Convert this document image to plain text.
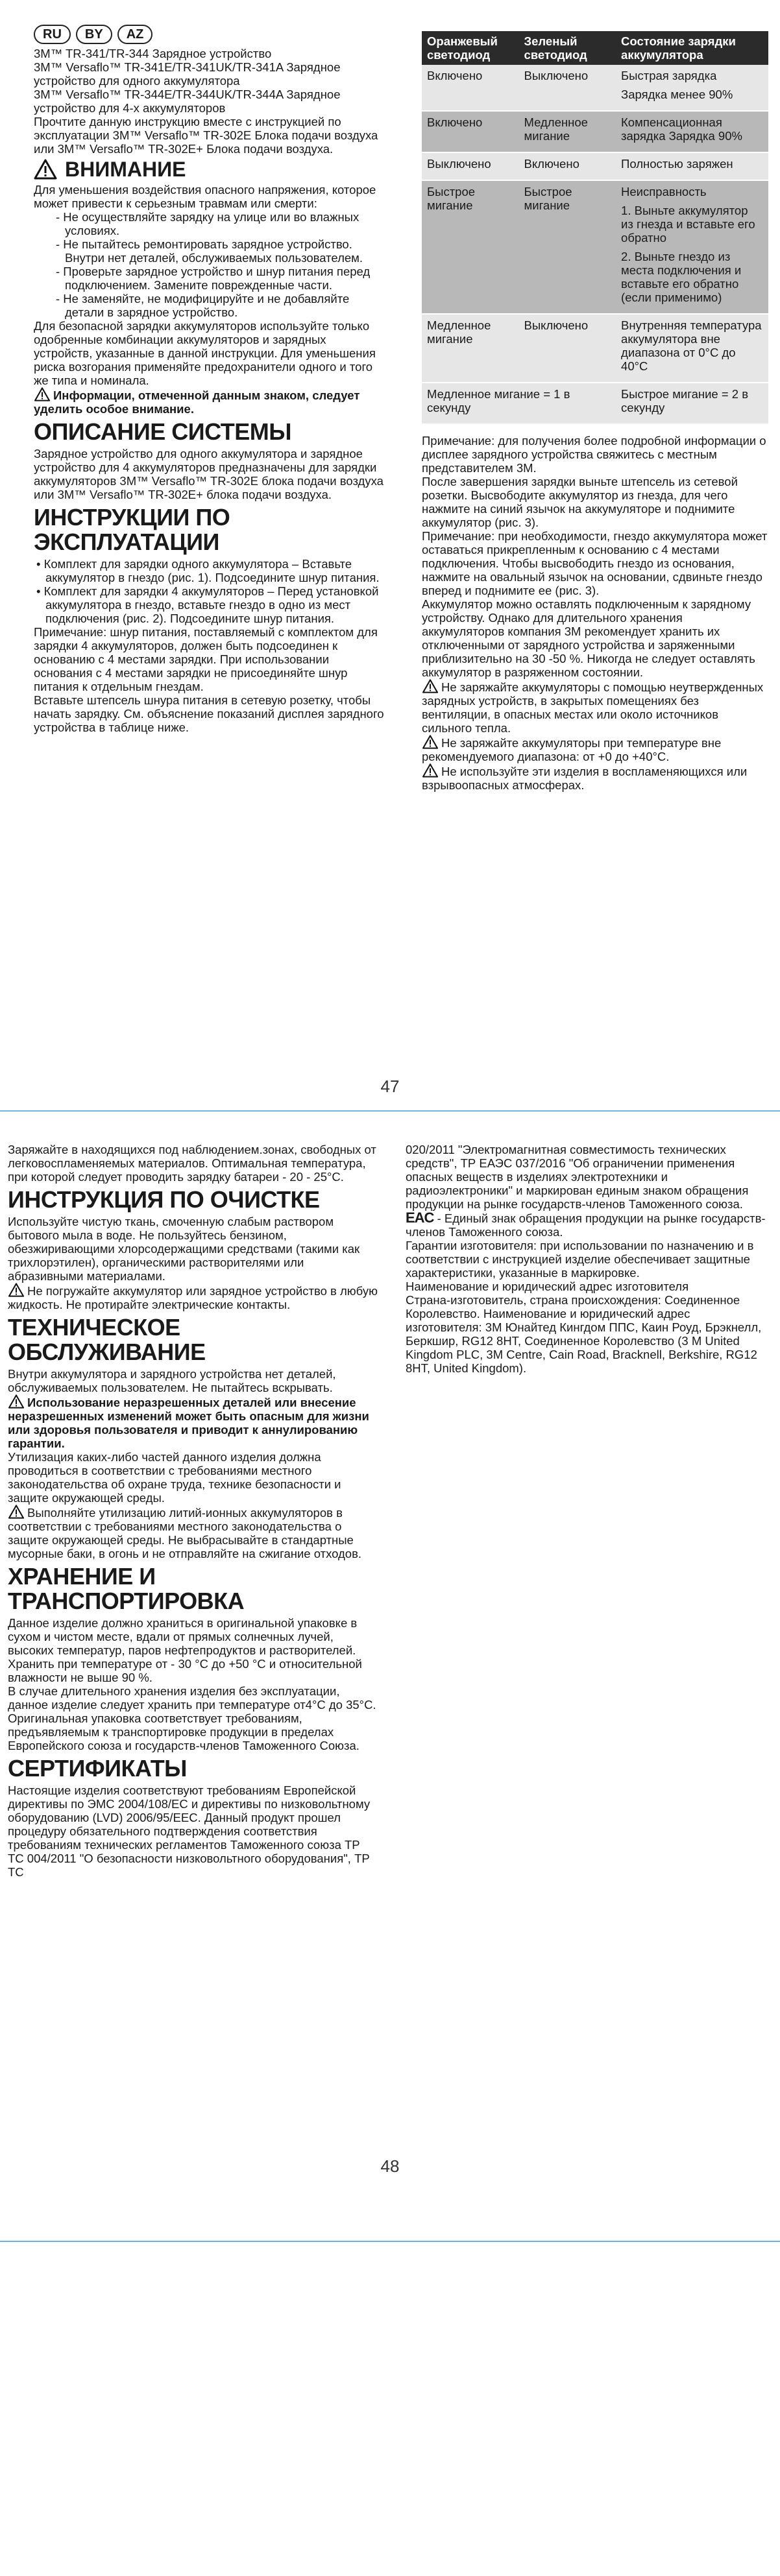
RU	BY	AZ

3M™ TR-341/TR-344 Зарядное устройство

3M™ Versaflo™ TR-341E/TR-341UK/TR-341A Зарядное устройство для одного аккумулятора

3M™ Versaflo™ TR-344E/TR-344UK/TR-344A Зарядное устройство для 4-х аккумуляторов

Прочтите данную инструкцию вместе с инструкцией по эксплуатации 3M™ Versaflo™ TR-302E Блока подачи воздуха или 3M™ Versaflo™ TR-302E+ Блока подачи воздуха.

ВНИМАНИЕ

Для уменьшения воздействия опасного напряжения, которое может привести к серьезным травмам или смерти:

- Не осуществляйте зарядку на улице или во влажных условиях.

- Не пытайтесь ремонтировать зарядное устройство. Внутри нет деталей, обслуживаемых пользователем.

- Проверьте зарядное устройство и шнур питания перед подключением. Замените поврежденные части.

- Не заменяйте, не модифицируйте и не добавляйте детали в зарядное устройство.

Для безопасной зарядки аккумуляторов используйте только одобренные комбинации аккумуляторов и зарядных устройств, указанные в данной инструкции. Для уменьшения риска возгорания применяйте предохранители одного и того же типа и номинала.

Информации, отмеченной данным знаком, следует уделить особое внимание.

ОПИСАНИЕ СИСТЕМЫ

Зарядное устройство для одного аккумулятора и зарядное устройство для 4 аккумуляторов предназначены для зарядки аккумуляторов 3M™ Versaflo™ TR-302E блока подачи воздуха или 3M™ Versaflo™ TR-302E+ блока подачи воздуха.

ИНСТРУКЦИИ ПО ЭКСПЛУАТАЦИИ

• Комплект для зарядки одного аккумулятора – Вставьте аккумулятор в гнездо (рис. 1). Подсоедините шнур питания.

• Комплект для зарядки 4 аккумуляторов – Перед установкой аккумулятора в гнездо, вставьте гнездо в одно из мест подключения (рис. 2). Подсоедините шнур питания.

Примечание: шнур питания, поставляемый с комплектом для зарядки 4 аккумуляторов, должен быть подсоединен к основанию с 4 местами зарядки. При использовании основания с 4 местами зарядки не присоединяйте шнур питания к отдельным гнездам.

Вставьте штепсель шнура питания в сетевую розетку, чтобы начать зарядку. См. объяснение показаний дисплея зарядного устройства в таблице ниже.

Оранжевый светодиод	Зеленый светодиод	Состояние зарядки аккумулятора
Включено	Выключено	Быстрая зарядка

Зарядка менее 90%

Включено	Медленное мигание	Компенсационная зарядка Зарядка 90%

Выключено	Включено	Полностью заряжен

Быстрое мигание	Быстрое мигание	Неисправность

1. Выньте аккумулятор из гнезда и вставьте его обратно

2. Выньте гнездо из места подключения и вставьте его обратно (если применимо)

Медленное мигание	Выключено	Внутренняя температура аккумулятора вне диапазона от 0°C до 40°C

Медленное мигание = 1 в секунду		Быстрое мигание = 2 в секунду

Примечание: для получения более подробной информации о дисплее зарядного устройства свяжитесь с местным представителем 3M.

После завершения зарядки выньте штепсель из сетевой розетки. Высвободите аккумулятор из гнезда, для чего нажмите на синий язычок на аккумуляторе и поднимите аккумулятор (рис. 3).

Примечание: при необходимости, гнездо аккумулятора может оставаться прикрепленным к основанию с 4 местами подключения. Чтобы высвободить гнездо из основания, нажмите на овальный язычок на основании, сдвиньте гнездо вперед и поднимите ее (рис. 3).

Аккумулятор можно оставлять подключенным к зарядному устройству. Однако для длительного хранения аккумуляторов компания 3M рекомендует хранить их отключенными от зарядного устройства и заряженными приблизительно на 30 -50 %. Никогда не следует оставлять аккумулятор в разряженном состоянии.

Не заряжайте аккумуляторы с помощью неутвержденных зарядных устройств, в закрытых помещениях без вентиляции, в опасных местах или около источников сильного тепла.

Не заряжайте аккумуляторы при температуре вне рекомендуемого диапазона: от +0 до +40°C.

Не используйте эти изделия в воспламеняющихся или взрывоопасных атмосферах.

47

Заряжайте в находящихся под наблюдением.зонах, свободных от легковоспламеняемых материалов. Оптимальная температура, при которой следует проводить зарядку батареи - 20 - 25°C.

ИНСТРУКЦИЯ ПО ОЧИСТКЕ

Используйте чистую ткань, смоченную слабым раствором бытового мыла в воде. Не пользуйтесь бензином, обезжиривающими хлорсодержащими средствами (такими как трихлорэтилен), органическими растворителями или абразивными материалами.

Не погружайте аккумулятор или зарядное устройство в любую жидкость. Не протирайте электрические контакты.

ТЕХНИЧЕСКОЕ ОБСЛУЖИВАНИЕ

Внутри аккумулятора и зарядного устройства нет деталей, обслуживаемых пользователем. Не пытайтесь вскрывать.

Использование неразрешенных деталей или внесение неразрешенных изменений может быть опасным для жизни или здоровья пользователя и приводит к аннулированию гарантии.

Утилизация каких-либо частей данного изделия должна проводиться в соответствии с требованиями местного законодательства об охране труда, технике безопасности и защите окружающей среды.

Выполняйте утилизацию литий-ионных аккумуляторов в соответствии с требованиями местного законодательства о защите окружающей среды. Не выбрасывайте в стандартные мусорные баки, в огонь и не отправляйте на сжигание отходов.

ХРАНЕНИЕ И ТРАНСПОРТИРОВКА

Данное изделие должно храниться в оригинальной упаковке в сухом и чистом месте, вдали от прямых солнечных лучей, высоких температур, паров нефтепродуктов и растворителей.

Хранить при температуре от - 30 °C до +50 °C и относительной влажности не выше 90 %.

В случае длительного хранения изделия без эксплуатации, данное изделие следует хранить при температуре от4°C до 35°C.

Оригинальная упаковка соответствует требованиям, предъявляемым к транспортировке продукции в пределах Европейского союза и государств-членов Таможенного Союза.

СЕРТИФИКАТЫ

Настоящие изделия соответствуют требованиям Европейской директивы по ЭМС 2004/108/EC и директивы по низковольтному оборудованию (LVD) 2006/95/EEC. Данный продукт прошел процедуру обязательного подтверждения соответствия требованиям технических регламентов Таможенного союза ТР ТС 004/2011 "О безопасности низковольтного оборудования", ТР ТС

020/2011 "Электромагнитная совместимость технических средств", ТР ЕАЭС 037/2016 "Об ограничении применения опасных веществ в изделиях электротехники и радиоэлектроники" и маркирован единым знаком обращения продукции на рынке государств-членов Таможенного союза.

EAC - Единый знак обращения продукции на рынке государств-членов Таможенного союза.

Гарантии изготовителя: при использовании по назначению и в соответствии с инструкцией изделие обеспечивает защитные характеристики, указанные в маркировке.

Наименование и юридический адрес изготовителя

Страна-изготовитель, страна происхождения: Соединенное Королевство. Наименование и юридический адрес изготовителя: 3M Юнайтед Кингдом ППС, Каин Роуд, Брэкнелл, Беркшир, RG12 8HT, Соединенное Королевство (3 M United Kingdom PLC, 3M Centre, Cain Road, Bracknell, Berkshire, RG12 8HT, United Kingdom).

48
